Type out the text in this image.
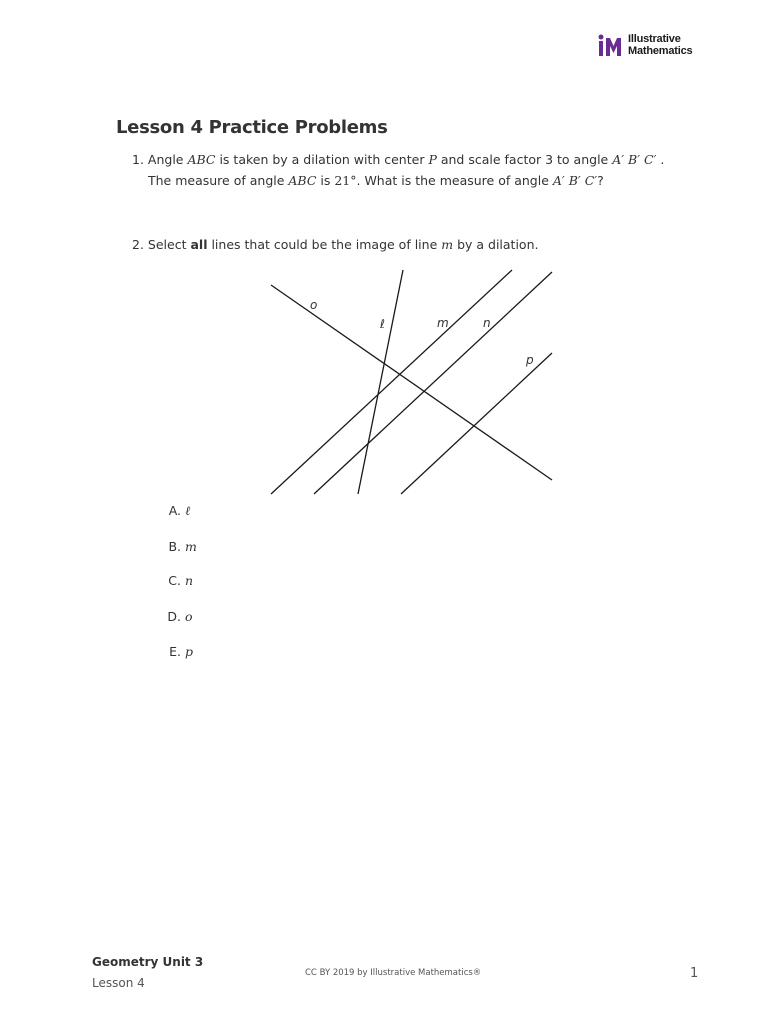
Illustrative
Mathematics
Lesson 4 Practice Problems
1. Angle ABC is taken by a dilation with center P and scale factor 3 to angle A′ B′ C′ .
The measure of angle ABC is 21°. What is the measure of angle A′ B′ C′?
2. Select all lines that could be the image of line m by a dilation.
o
ℓ	m	n
p
A. ℓ
B. m
C. n
D. o
E. p
Geometry Unit 3
Lesson 4
CC BY 2019 by Illustrative Mathematics®	1
